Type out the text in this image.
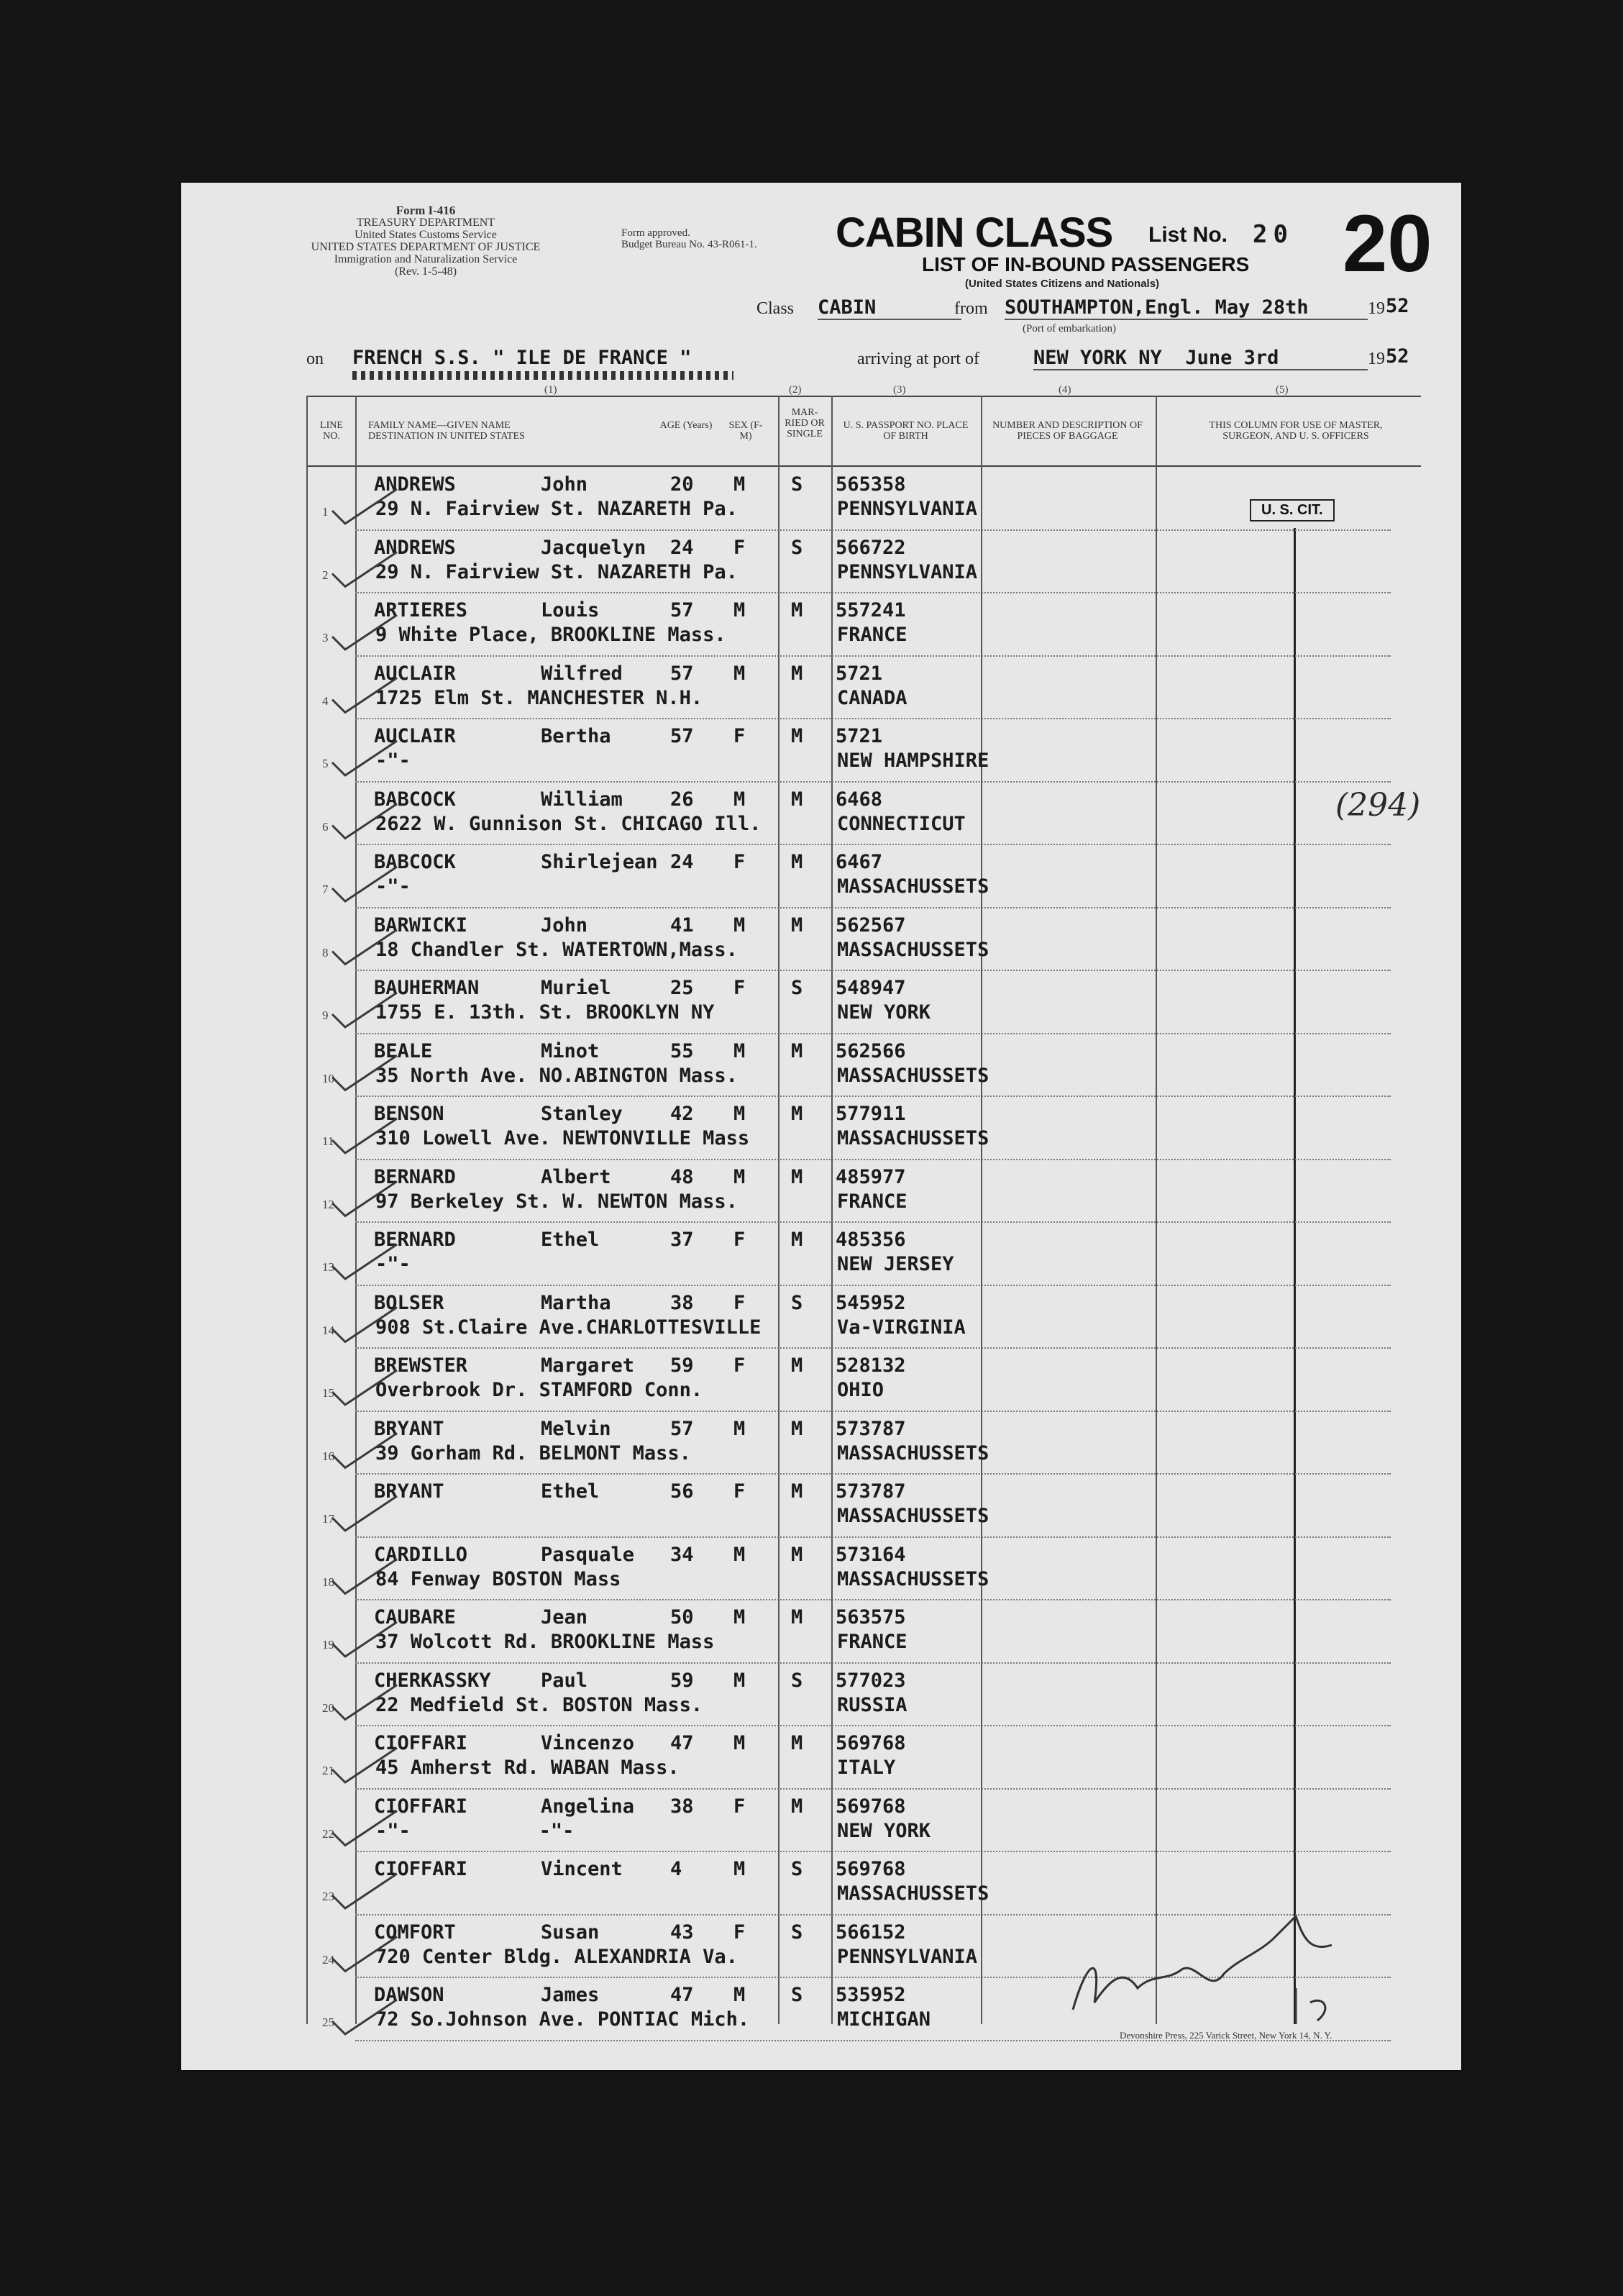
Form I-416
TREASURY DEPARTMENT
United States Customs Service
UNITED STATES DEPARTMENT OF JUSTICE
Immigration and Naturalization Service
(Rev. 1-5-48)
Form approved.
Budget Bureau No. 43-R061-1. CABIN CLASS List No. 20 20
LIST OF IN-BOUND PASSENGERS
(United States Citizens and Nationals)
Class CABIN	from SOUTHAMPTON,Engl. May 28th	19 52
(Port of embarkation)
on FRENCH S.S. " ILE DE FRANCE "	arriving at port of	NEW YORK NY  June 3rd	19 52
(1)	(2)	(3)	(4)	(5)
LINE NO.
FAMILY NAME—GIVEN NAME DESTINATION IN UNITED STATES
AGE (Years)	SEX (F-M)
MAR-RIED OR SINGLE
U. S. PASSPORT NO. PLACE OF BIRTH
NUMBER AND DESCRIPTION OF PIECES OF BAGGAGE
THIS COLUMN FOR USE OF MASTER, SURGEON, AND U. S. OFFICERS
1
ANDREWS	John	20 M S 565358
29 N. Fairview St. NAZARETH Pa.	PENNSYLVANIA
2
ANDREWS	Jacquelyn 24 F S 566722
29 N. Fairview St. NAZARETH Pa.	PENNSYLVANIA
3
ARTIERES	Louis	57 M M 557241
9 White Place, BROOKLINE Mass.	FRANCE
4
AUCLAIR	Wilfred 57 M M 5721
1725 Elm St. MANCHESTER N.H.	CANADA
5
AUCLAIR	Bertha	57 F M 5721
-"-	NEW HAMPSHIRE
6
BABCOCK	William 26 M M 6468
2622 W. Gunnison St. CHICAGO Ill.	CONNECTICUT
7
BABCOCK	Shirlejean 24 F M 6467
-"-	MASSACHUSSETS
8
BARWICKI	John	41 M M 562567
18 Chandler St. WATERTOWN,Mass.	MASSACHUSSETS
9
BAUHERMAN	Muriel	25 F S 548947
1755 E. 13th. St. BROOKLYN NY	NEW YORK
10
BEALE	Minot	55 M M 562566
35 North Ave. NO.ABINGTON Mass.	MASSACHUSSETS
11
BENSON	Stanley 42 M M 577911
310 Lowell Ave. NEWTONVILLE Mass	MASSACHUSSETS
12
BERNARD	Albert	48 M M 485977
97 Berkeley St. W. NEWTON Mass.	FRANCE
13
BERNARD	Ethel	37 F M 485356
-"-	NEW JERSEY
14
BOLSER	Martha	38 F S 545952
908 St.Claire Ave.CHARLOTTESVILLE	Va-VIRGINIA
15
BREWSTER	Margaret 59 F M 528132
Overbrook Dr. STAMFORD Conn.	OHIO
16
BRYANT	Melvin	57 M M 573787
39 Gorham Rd. BELMONT Mass.	MASSACHUSSETS
17
BRYANT	Ethel	56 F M 573787
MASSACHUSSETS
18
CARDILLO	Pasquale 34 M M 573164
84 Fenway BOSTON Mass	MASSACHUSSETS
19
CAUBARE	Jean	50 M M 563575
37 Wolcott Rd. BROOKLINE Mass	FRANCE
20
CHERKASSKY	Paul	59 M S 577023
22 Medfield St. BOSTON Mass.	RUSSIA
21
CIOFFARI	Vincenzo 47 M M 569768
45 Amherst Rd. WABAN Mass.	ITALY
22
CIOFFARI	Angelina 38 F M 569768
-"-           -"-	NEW YORK
23
CIOFFARI	Vincent 4	M S 569768
MASSACHUSSETS
24
COMFORT	Susan	43 F S 566152
720 Center Bldg. ALEXANDRIA Va.	PENNSYLVANIA
25
DAWSON	James	47 M S 535952
72 So.Johnson Ave. PONTIAC Mich.	MICHIGAN
U. S. CIT.
(294)
Devonshire Press, 225 Varick Street, New York 14, N. Y.
